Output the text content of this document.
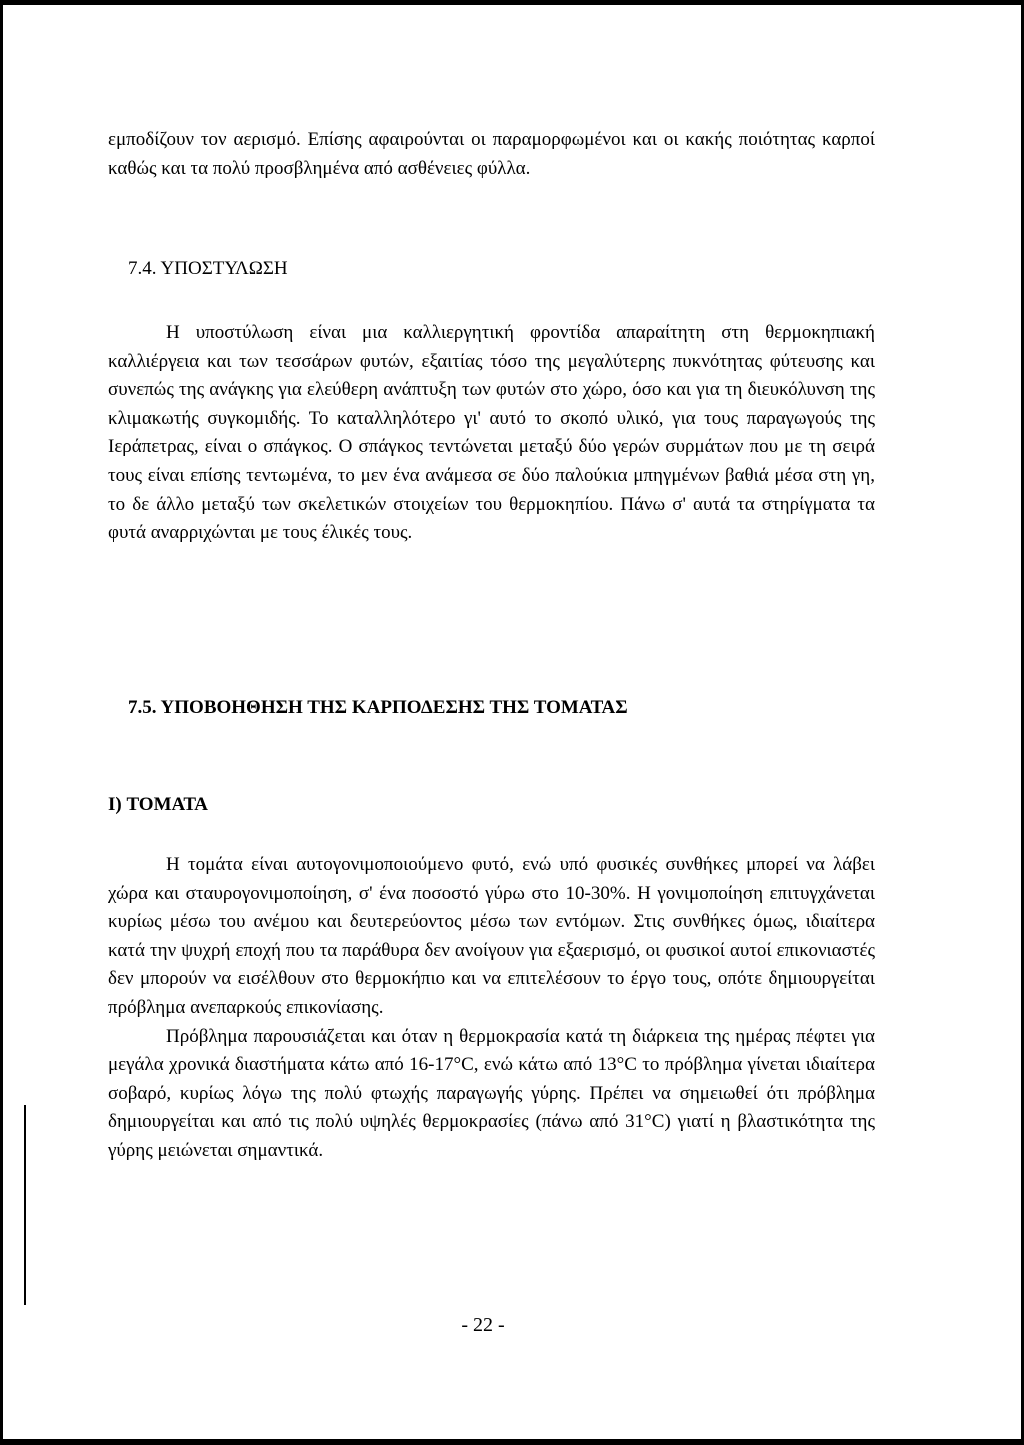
εμποδίζουν τον αερισμό. Επίσης αφαιρούνται οι παραμορφωμένοι και οι κακής ποιότητας καρποί καθώς και τα πολύ προσβλημένα από ασθένειες φύλλα.

7.4. ΥΠΟΣΤΥΛΩΣΗ

Η υποστύλωση είναι μια καλλιεργητική φροντίδα απαραίτητη στη θερμοκηπιακή καλλιέργεια και των τεσσάρων φυτών, εξαιτίας τόσο της μεγαλύτερης πυκνότητας φύτευσης και συνεπώς της ανάγκης για ελεύθερη ανάπτυξη των φυτών στο χώρο, όσο και για τη διευκόλυνση της κλιμακωτής συγκομιδής. Το καταλληλότερο γι' αυτό το σκοπό υλικό, για τους παραγωγούς της Ιεράπετρας, είναι ο σπάγκος. Ο σπάγκος τεντώνεται μεταξύ δύο γερών συρμάτων που με τη σειρά τους είναι επίσης τεντωμένα, το μεν ένα ανάμεσα σε δύο παλούκια μπηγμένων βαθιά μέσα στη γη, το δε άλλο μεταξύ των σκελετικών στοιχείων του θερμοκηπίου. Πάνω σ' αυτά τα στηρίγματα τα φυτά αναρριχώνται με τους έλικές τους.

7.5. ΥΠΟΒΟΗΘΗΣΗ ΤΗΣ ΚΑΡΠΟΔΕΣΗΣ ΤΗΣ ΤΟΜΑΤΑΣ
I) ΤΟΜΑΤΑ

Η τομάτα είναι αυτογονιμοποιούμενο φυτό, ενώ υπό φυσικές συνθήκες μπορεί να λάβει χώρα και σταυρογονιμοποίηση, σ' ένα ποσοστό γύρω στο 10-30%. Η γονιμοποίηση επιτυγχάνεται κυρίως μέσω του ανέμου και δευτερεύοντος μέσω των εντόμων. Στις συνθήκες όμως, ιδιαίτερα κατά την ψυχρή εποχή που τα παράθυρα δεν ανοίγουν για εξαερισμό, οι φυσικοί αυτοί επικονιαστές δεν μπορούν να εισέλθουν στο θερμοκήπιο και να επιτελέσουν το έργο τους, οπότε δημιουργείται πρόβλημα ανεπαρκούς επικονίασης.

Πρόβλημα παρουσιάζεται και όταν η θερμοκρασία κατά τη διάρκεια της ημέρας πέφτει για μεγάλα χρονικά διαστήματα κάτω από 16-17°C, ενώ κάτω από 13°C το πρόβλημα γίνεται ιδιαίτερα σοβαρό, κυρίως λόγω της πολύ φτωχής παραγωγής γύρης. Πρέπει να σημειωθεί ότι πρόβλημα δημιουργείται και από τις πολύ υψηλές θερμοκρασίες (πάνω από 31°C) γιατί η βλαστικότητα της γύρης μειώνεται σημαντικά.

- 22 -
